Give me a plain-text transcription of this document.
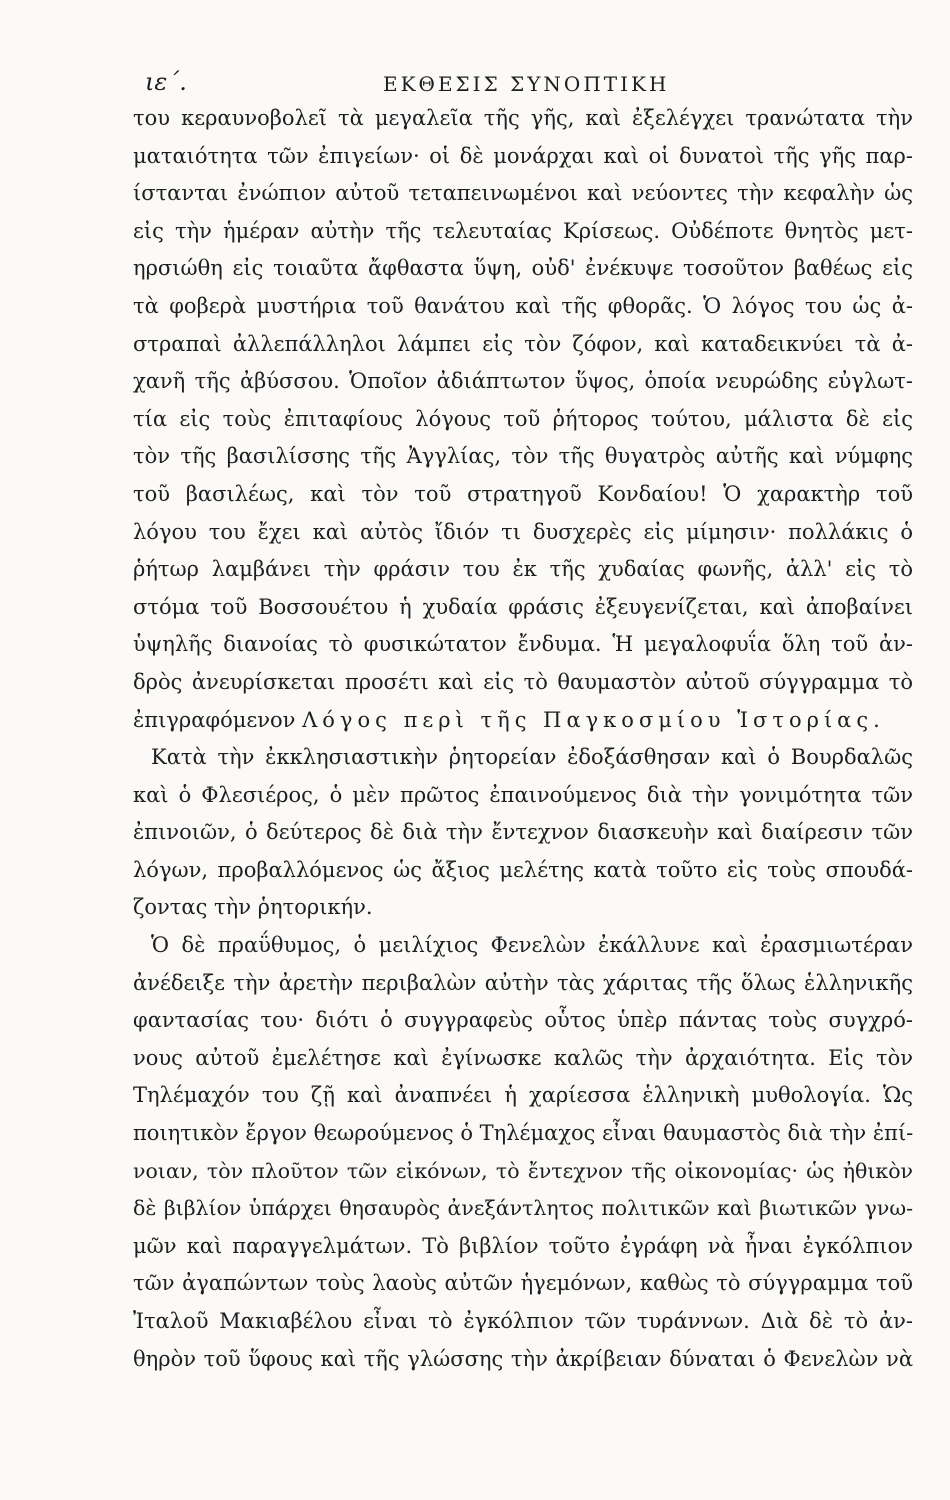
ιε΄.	ΕΚΘΕΣΙΣ ΣΥΝΟΠΤΙΚΗ
του κεραυνοβολεῖ τὰ μεγαλεῖα τῆς γῆς, καὶ ἐξελέγχει τρανώτατα τὴν
ματαιότητα τῶν ἐπιγείων· οἱ δὲ μονάρχαι καὶ οἱ δυνατοὶ τῆς γῆς παρ-
ίστανται ἐνώπιον αὐτοῦ τεταπεινωμένοι καὶ νεύοντες τὴν κεφαλὴν ὡς
εἰς τὴν ἡμέραν αὐτὴν τῆς τελευταίας Κρίσεως. Οὐδέποτε θνητὸς μετ-
ηρσιώθη εἰς τοιαῦτα ἄφθαστα ὕψη, οὐδ' ἐνέκυψε τοσοῦτον βαθέως εἰς
τὰ φοβερὰ μυστήρια τοῦ θανάτου καὶ τῆς φθορᾶς. Ὁ λόγος του ὡς ἀ-
στραπαὶ ἀλλεπάλληλοι λάμπει εἰς τὸν ζόφον, καὶ καταδεικνύει τὰ ἀ-
χανῆ τῆς ἀβύσσου. Ὁποῖον ἀδιάπτωτον ὕψος, ὁποία νευρώδης εὐγλωτ-
τία εἰς τοὺς ἐπιταφίους λόγους τοῦ ῥήτορος τούτου, μάλιστα δὲ εἰς
τὸν τῆς βασιλίσσης τῆς Ἀγγλίας, τὸν τῆς θυγατρὸς αὐτῆς καὶ νύμφης
τοῦ βασιλέως, καὶ τὸν τοῦ στρατηγοῦ Κονδαίου! Ὁ χαρακτὴρ τοῦ
λόγου του ἔχει καὶ αὐτὸς ἴδιόν τι δυσχερὲς εἰς μίμησιν· πολλάκις ὁ
ῥήτωρ λαμβάνει τὴν φράσιν του ἐκ τῆς χυδαίας φωνῆς, ἀλλ' εἰς τὸ
στόμα τοῦ Βοσσουέτου ἡ χυδαία φράσις ἐξευγενίζεται, καὶ ἀποβαίνει
ὑψηλῆς διανοίας τὸ φυσικώτατον ἔνδυμα. Ἡ μεγαλοφυΐα ὅλη τοῦ ἀν-
δρὸς ἀνευρίσκεται προσέτι καὶ εἰς τὸ θαυμαστὸν αὐτοῦ σύγγραμμα τὸ
ἐπιγραφόμενον Λόγος περὶ τῆς Παγκοσμίου Ἱστορίας.
Κατὰ τὴν ἐκκλησιαστικὴν ῥητορείαν ἐδοξάσθησαν καὶ ὁ Βουρδαλῶς
καὶ ὁ Φλεσιέρος, ὁ μὲν πρῶτος ἐπαινούμενος διὰ τὴν γονιμότητα τῶν
ἐπινοιῶν, ὁ δεύτερος δὲ διὰ τὴν ἔντεχνον διασκευὴν καὶ διαίρεσιν τῶν
λόγων, προβαλλόμενος ὡς ἄξιος μελέτης κατὰ τοῦτο εἰς τοὺς σπουδά-
ζοντας τὴν ῥητορικήν.
Ὁ δὲ πραΰθυμος, ὁ μειλίχιος Φενελὼν ἐκάλλυνε καὶ ἐρασμιωτέραν
ἀνέδειξε τὴν ἀρετὴν περιβαλὼν αὐτὴν τὰς χάριτας τῆς ὅλως ἑλληνικῆς
φαντασίας του· διότι ὁ συγγραφεὺς οὗτος ὑπὲρ πάντας τοὺς συγχρό-
νους αὐτοῦ ἐμελέτησε καὶ ἐγίνωσκε καλῶς τὴν ἀρχαιότητα. Εἰς τὸν
Τηλέμαχόν του ζῇ καὶ ἀναπνέει ἡ χαρίεσσα ἑλληνικὴ μυθολογία. Ὡς
ποιητικὸν ἔργον θεωρούμενος ὁ Τηλέμαχος εἶναι θαυμαστὸς διὰ τὴν ἐπί-
νοιαν, τὸν πλοῦτον τῶν εἰκόνων, τὸ ἔντεχνον τῆς οἰκονομίας· ὡς ἠθικὸν
δὲ βιβλίον ὑπάρχει θησαυρὸς ἀνεξάντλητος πολιτικῶν καὶ βιωτικῶν γνω-
μῶν καὶ παραγγελμάτων. Τὸ βιβλίον τοῦτο ἐγράφη νὰ ἦναι ἐγκόλπιον
τῶν ἀγαπώντων τοὺς λαοὺς αὐτῶν ἡγεμόνων, καθὼς τὸ σύγγραμμα τοῦ
Ἰταλοῦ Μακιαβέλου εἶναι τὸ ἐγκόλπιον τῶν τυράννων. Διὰ δὲ τὸ ἀν-
θηρὸν τοῦ ὕφους καὶ τῆς γλώσσης τὴν ἀκρίβειαν δύναται ὁ Φενελὼν νὰ
